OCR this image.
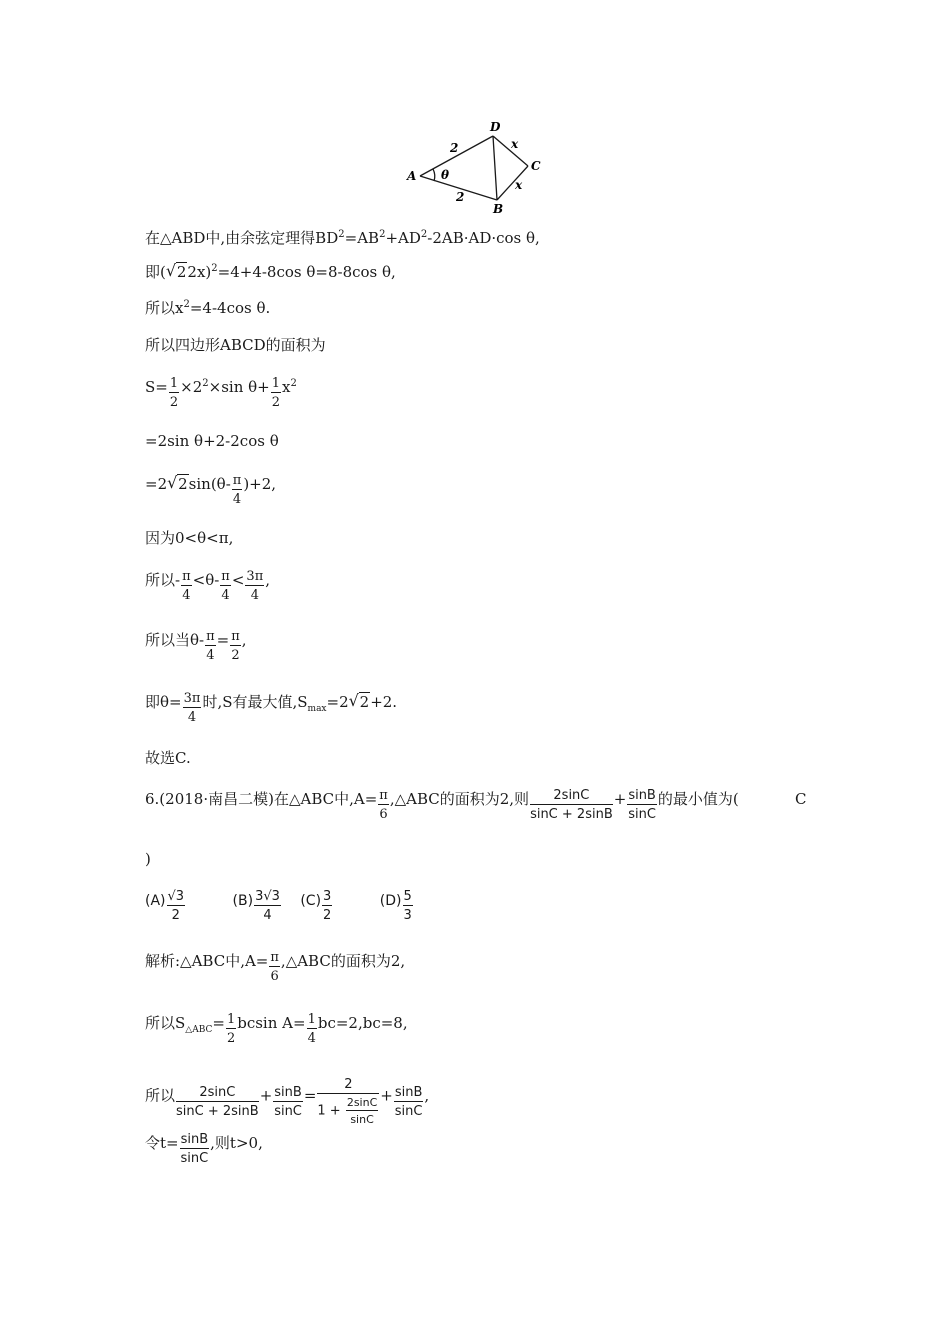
A
B
C
D
θ
2
2
x
x
在△ABD中,由余弦定理得$BD^2=AB^2+AD^2-2AB\cdot AD\cdot\cos$ θ,
即(√ 22x)$^2$=4+4-8cos θ=8-8cos θ,
所以$x^2=4-4\cos$ θ.
所以四边形ABCD的面积为
$S= \frac{1}{2} \times 2^2\times\sin$ $\theta+ \frac{1}{2} x^2$
=2sin θ+2-2cos θ
=2√ $2\sin(\theta- \frac{\pi}{4} )+2$,
因为0<θ<π,
所以- $\frac{\pi}{4} <\theta- \frac{\pi}{4} < \frac{3\pi}{4}$ ,
所以当$\theta- \frac{\pi}{4} = \frac{\pi}{2}$ ,
即$\theta= \frac{3\pi}{4}$ 时,S有最大值$,S_{max}=2√$ 2+2.
故选C.
6.(2018·南昌二模)在△ABC中$,A= \frac{\pi}{6}$ ,△ABC的面积为2,则 $\frac{2\sin C}{\sin C + 2\sin B} + \frac{\sin B}{\sin C}$ 的最小值为(	C
)
$(A) \frac{√3}{2}$	$(B) \frac{3√3}{4} (C) \frac{3}{2}$	$(D) \frac{5}{3}$
解析:△ABC中$,A= \frac{\pi}{6}$ ,△ABC的面积为2,
所以$S_{\triangle ABC}= \frac{1}{2}$ bcsin $A= \frac{1}{4} bc=2,bc=8$,
所以 $\frac{2\sin C}{\sin C + 2\sin B} + \frac{\sin B}{\sin C} = \frac{2}{1 + \frac{2\sin C}{\sin C}} + \frac{\sin B}{\sin C}$ ,
令$t= \frac{\sin B}{\sin C}$ ,则t>0,
